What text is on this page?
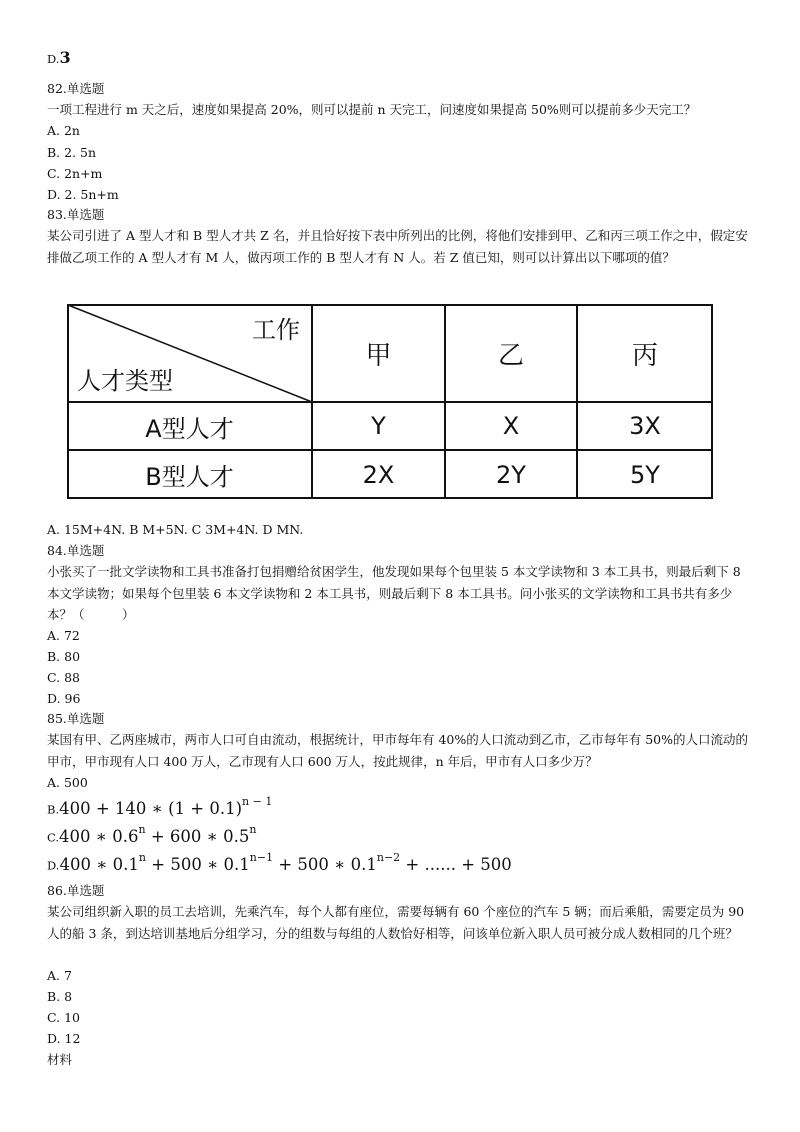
D.3
82.单选题
一项工程进行 m 天之后，速度如果提高 20%，则可以提前 n 天完工，问速度如果提高 50%则可以提前多少天完工？
A. 2n
B. 2. 5n
C. 2n+m
D. 2. 5n+m
83.单选题
某公司引进了 A 型人才和 B 型人才共 Z 名，并且恰好按下表中所列出的比例，将他们安排到甲、乙和丙三项工作之中，假定安排做乙项工作的 A 型人才有 M 人，做丙项工作的 B 型人才有 N 人。若 Z 值已知，则可以计算出以下哪项的值？
工作
人才类型
甲	乙	丙
A型人才	Y	X	3X
B型人才	2X	2Y	5Y
A. 15M+4N. B M+5N. C 3M+4N. D MN.
84.单选题
小张买了一批文学读物和工具书准备打包捐赠给贫困学生，他发现如果每个包里装 5 本文学读物和 3 本工具书，则最后剩下 8 本文学读物；如果每个包里装 6 本文学读物和 2 本工具书，则最后剩下 8 本工具书。问小张买的文学读物和工具书共有多少本？（　　　）
A. 72
B. 80
C. 88
D. 96
85.单选题
某国有甲、乙两座城市，两市人口可自由流动，根据统计，甲市每年有 40%的人口流动到乙市，乙市每年有 50%的人口流动的甲市，甲市现有人口 400 万人，乙市现有人口 600 万人，按此规律，n 年后，甲市有人口多少万？
A. 500
B.400 + 140 ∗ $(1 + 0.1)^{n - 1}$
C.400 ∗ $0.6^n + 600$ ∗ 0.5$^n$
D.400 ∗ $0.1^n + 500$ ∗ $0.1^{n-1} + 500$ ∗ $0.1^{n-2}$ + ...... + 500
86.单选题
某公司组织新入职的员工去培训，先乘汽车，每个人都有座位，需要每辆有 60 个座位的汽车 5 辆；而后乘船，需要定员为 90 人的船 3 条，到达培训基地后分组学习，分的组数与每组的人数恰好相等，问该单位新入职人员可被分成人数相同的几个班？
A. 7
B. 8
C. 10
D. 12
材料
